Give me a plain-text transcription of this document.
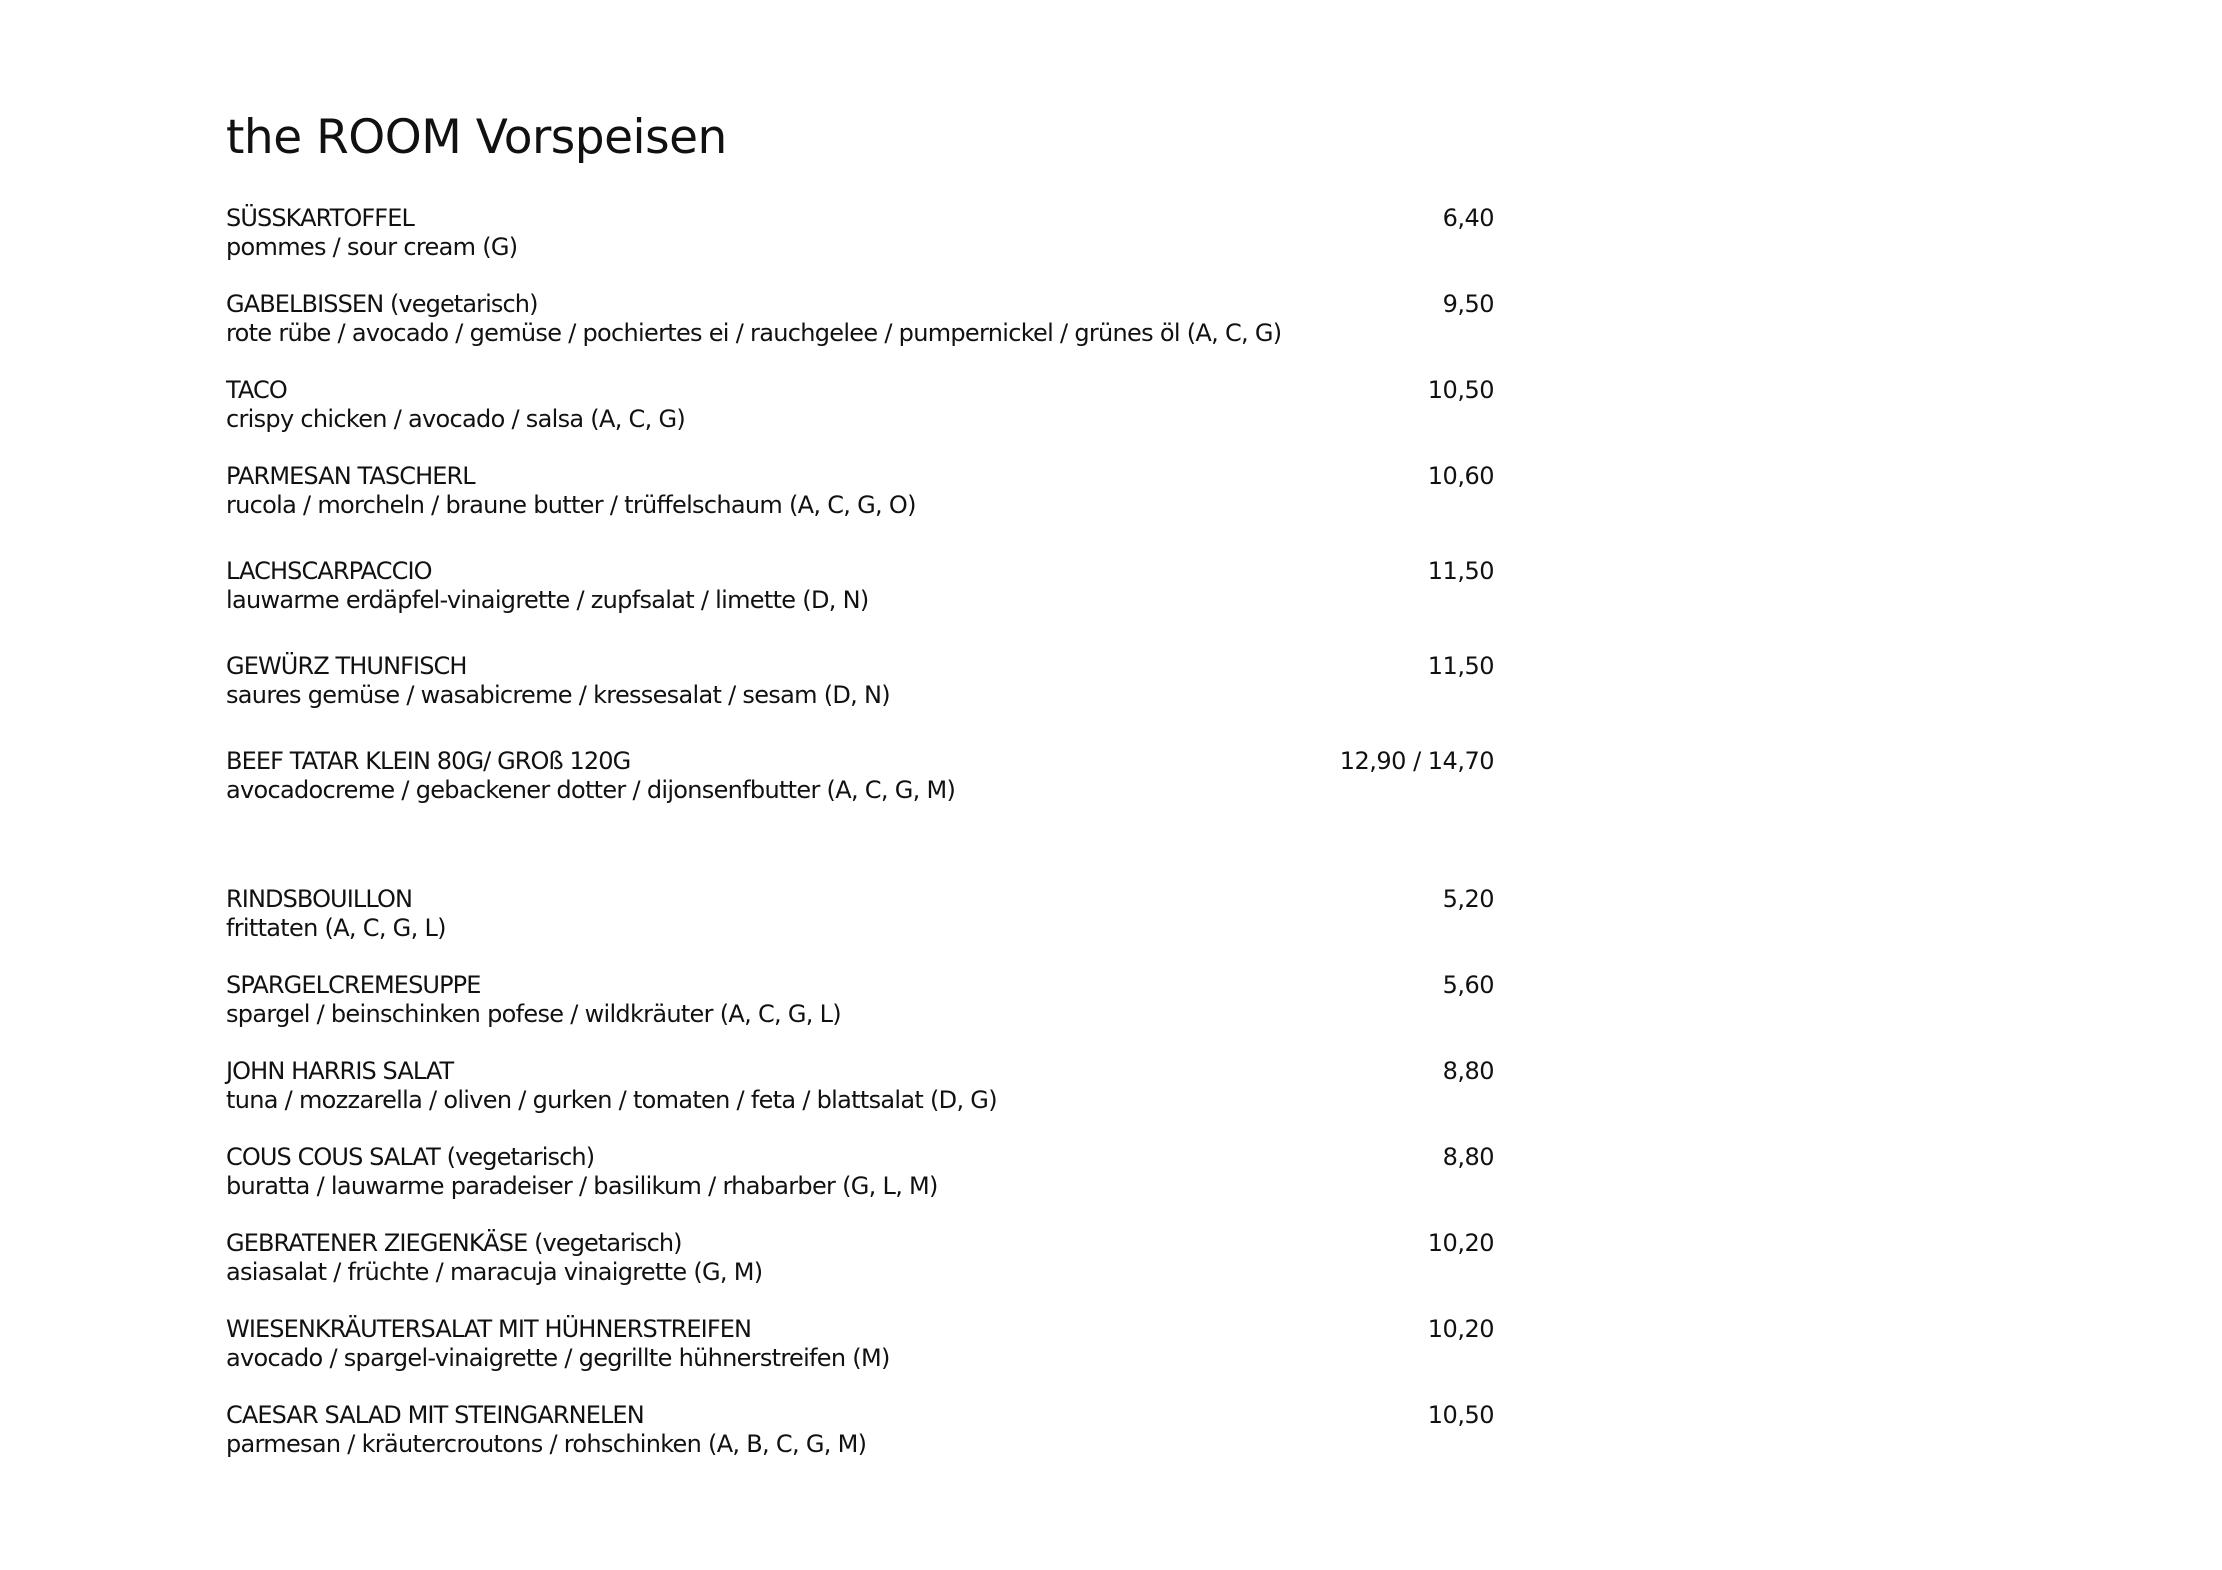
the ROOM Vorspeisen
SÜSSKARTOFFEL	6,40
pommes / sour cream (G)
GABELBISSEN (vegetarisch)	9,50
rote rübe / avocado / gemüse / pochiertes ei / rauchgelee / pumpernickel / grünes öl (A, C, G)
TACO	10,50
crispy chicken / avocado / salsa (A, C, G)
PARMESAN TASCHERL	10,60
rucola / morcheln / braune butter / trüffelschaum (A, C, G, O)
LACHSCARPACCIO	11,50
lauwarme erdäpfel-vinaigrette / zupfsalat / limette (D, N)
GEWÜRZ THUNFISCH	11,50
saures gemüse / wasabicreme / kressesalat / sesam (D, N)
BEEF TATAR KLEIN 80G/ GROß 120G	12,90 / 14,70
avocadocreme / gebackener dotter / dijonsenfbutter (A, C, G, M)
RINDSBOUILLON	5,20
frittaten (A, C, G, L)
SPARGELCREMESUPPE	5,60
spargel / beinschinken pofese / wildkräuter (A, C, G, L)
JOHN HARRIS SALAT	8,80
tuna / mozzarella / oliven / gurken / tomaten / feta / blattsalat (D, G)
COUS COUS SALAT (vegetarisch)	8,80
buratta / lauwarme paradeiser / basilikum / rhabarber (G, L, M)
GEBRATENER ZIEGENKÄSE (vegetarisch)	10,20
asiasalat / früchte / maracuja vinaigrette (G, M)
WIESENKRÄUTERSALAT MIT HÜHNERSTREIFEN	10,20
avocado / spargel-vinaigrette / gegrillte hühnerstreifen (M)
CAESAR SALAD MIT STEINGARNELEN	10,50
parmesan / kräutercroutons / rohschinken (A, B, C, G, M)
